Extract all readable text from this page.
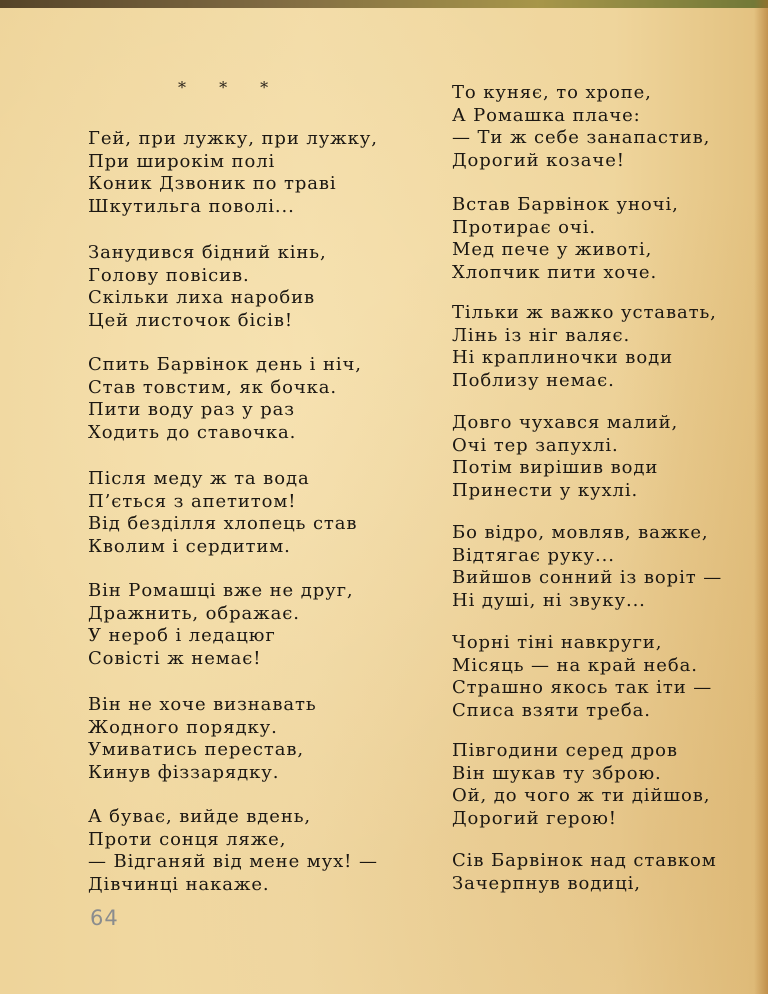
* * *
Гей, при лужку, при лужку,
При широкім полі
Коник Дзвоник по траві
Шкутильга поволі...
Занудився бідний кінь,
Голову повісив.
Скільки лиха наробив
Цей листочок бісів!
Спить Барвінок день і ніч,
Став товстим, як бочка.
Пити воду раз у раз
Ходить до ставочка.
Після меду ж та вода
П’ється з апетитом!
Від безділля хлопець став
Кволим і сердитим.
Він Ромашці вже не друг,
Дражнить, ображає.
У нероб і ледацюг
Совісті ж немає!
Він не хоче визнавать
Жодного порядку.
Умиватись перестав,
Кинув фіззарядку.
А буває, вийде вдень,
Проти сонця ляже,
— Відганяй від мене мух! —
Дівчинці накаже.
То куняє, то хропе,
А Ромашка плаче:
— Ти ж себе занапастив,
Дорогий козаче!
Встав Барвінок уночі,
Протирає очі.
Мед пече у животі,
Хлопчик пити хоче.
Тільки ж важко уставать,
Лінь із ніг валяє.
Ні краплиночки води
Поблизу немає.
Довго чухався малий,
Очі тер запухлі.
Потім вирішив води
Принести у кухлі.
Бо відро, мовляв, важке,
Відтягає руку...
Вийшов сонний із воріт —
Ні душі, ні звуку...
Чорні тіні навкруги,
Місяць — на край неба.
Страшно якось так іти —
Списа взяти треба.
Півгодини серед дров
Він шукав ту зброю.
Ой, до чого ж ти дійшов,
Дорогий герою!
Сів Барвінок над ставком
Зачерпнув водиці,
64
